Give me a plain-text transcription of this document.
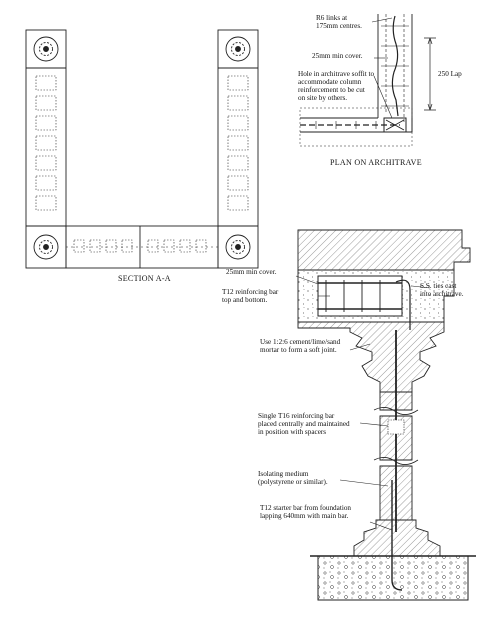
SECTION A-A
PLAN ON ARCHITRAVE
R6 links at
175mm centres.
25mm min cover.
Hole in architrave soffit to
accommodate column
reinforcement to be cut
on site by others.
250 Lap
25mm min cover.
T12 reinforcing bar
top and bottom.
S.S. ties cast
into architrave.
Use 1:2:6 cement/lime/sand
mortar to form a soft joint.
Single T16 reinforcing bar
placed centrally and maintained
in position with spacers
Isolating medium
(polystyrene or similar).
T12 starter bar from foundation
lapping 640mm with main bar.
